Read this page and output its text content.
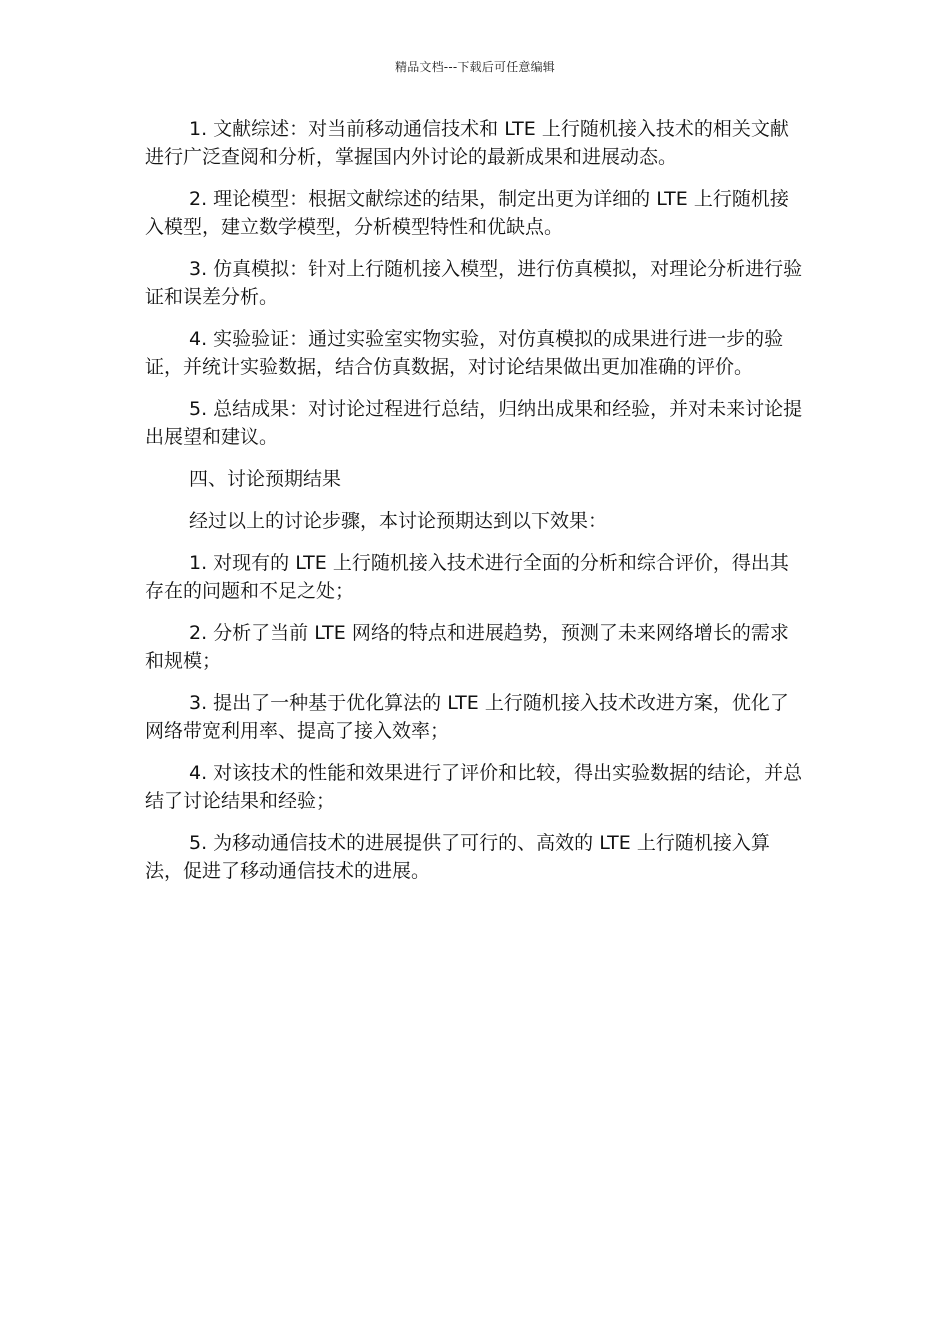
精品文档---下载后可任意编辑

1. 文献综述：对当前移动通信技术和 LTE 上行随机接入技术的相关文献进行广泛查阅和分析，掌握国内外讨论的最新成果和进展动态。

2. 理论模型：根据文献综述的结果，制定出更为详细的 LTE 上行随机接入模型，建立数学模型，分析模型特性和优缺点。

3. 仿真模拟：针对上行随机接入模型，进行仿真模拟，对理论分析进行验证和误差分析。

4. 实验验证：通过实验室实物实验，对仿真模拟的成果进行进一步的验证，并统计实验数据，结合仿真数据，对讨论结果做出更加准确的评价。

5. 总结成果：对讨论过程进行总结，归纳出成果和经验，并对未来讨论提出展望和建议。

四、讨论预期结果

经过以上的讨论步骤，本讨论预期达到以下效果：

1. 对现有的 LTE 上行随机接入技术进行全面的分析和综合评价，得出其存在的问题和不足之处；

2. 分析了当前 LTE 网络的特点和进展趋势，预测了未来网络增长的需求和规模；

3. 提出了一种基于优化算法的 LTE 上行随机接入技术改进方案，优化了网络带宽利用率、提高了接入效率；

4. 对该技术的性能和效果进行了评价和比较，得出实验数据的结论，并总结了讨论结果和经验；

5. 为移动通信技术的进展提供了可行的、高效的 LTE 上行随机接入算法，促进了移动通信技术的进展。
